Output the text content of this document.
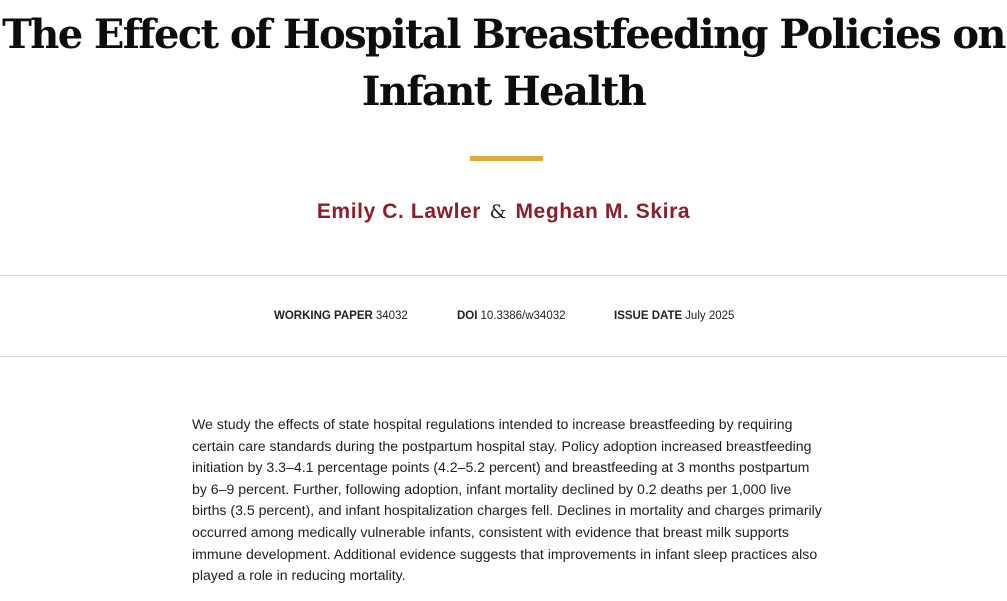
The Effect of Hospital Breastfeeding Policies on Infant Health
Emily C. Lawler & Meghan M. Skira
WORKING PAPER 34032	DOI 10.3386/w34032	ISSUE DATE July 2025

We study the effects of state hospital regulations intended to increase breastfeeding by requiring certain care standards during the postpartum hospital stay. Policy adoption increased breastfeeding initiation by 3.3–4.1 percentage points (4.2–5.2 percent) and breastfeeding at 3 months postpartum by 6–9 percent. Further, following adoption, infant mortality declined by 0.2 deaths per 1,000 live births (3.5 percent), and infant hospitalization charges fell. Declines in mortality and charges primarily occurred among medically vulnerable infants, consistent with evidence that breast milk supports immune development. Additional evidence suggests that improvements in infant sleep practices also played a role in reducing mortality.
